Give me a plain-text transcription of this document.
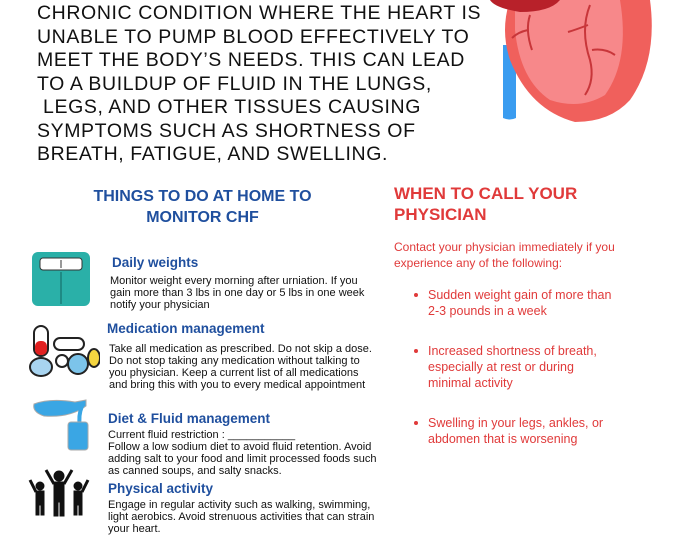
CHRONIC CONDITION WHERE THE HEART IS
UNABLE TO PUMP BLOOD EFFECTIVELY TO
MEET THE BODY’S NEEDS. THIS CAN LEAD
TO A BUILDUP OF FLUID IN THE LUNGS,
LEGS, AND OTHER TISSUES CAUSING
SYMPTOMS SUCH AS SHORTNESS OF
BREATH, FATIGUE, AND SWELLING.
THINGS TO DO AT HOME TO
MONITOR CHF
Daily weights
Monitor weight every morning after urniation. If you gain more than 3 lbs in one day or 5 lbs in one week notify your physician
Medication management
Take all medication as prescribed. Do not skip a dose. Do not stop taking any medication without talking to you physician. Keep a current list of all medications and bring this with you to every medical appointment
Diet & Fluid management
Current fluid restriction : ___________
Follow a low sodium diet to avoid fluid retention. Avoid adding salt to your food and limit processed foods such as canned soups, and salty snacks.
Physical activity
Engage in regular activity such as walking, swimming, light aerobics. Avoid strenuous activities that can strain your heart.
WHEN TO CALL YOUR
PHYSICIAN
Contact your physician immediately if you experience any of the following:
Sudden weight gain of more than 2-3 pounds in a week
Increased shortness of breath, especially at rest or during minimal activity
Swelling in your legs, ankles, or abdomen that is worsening
